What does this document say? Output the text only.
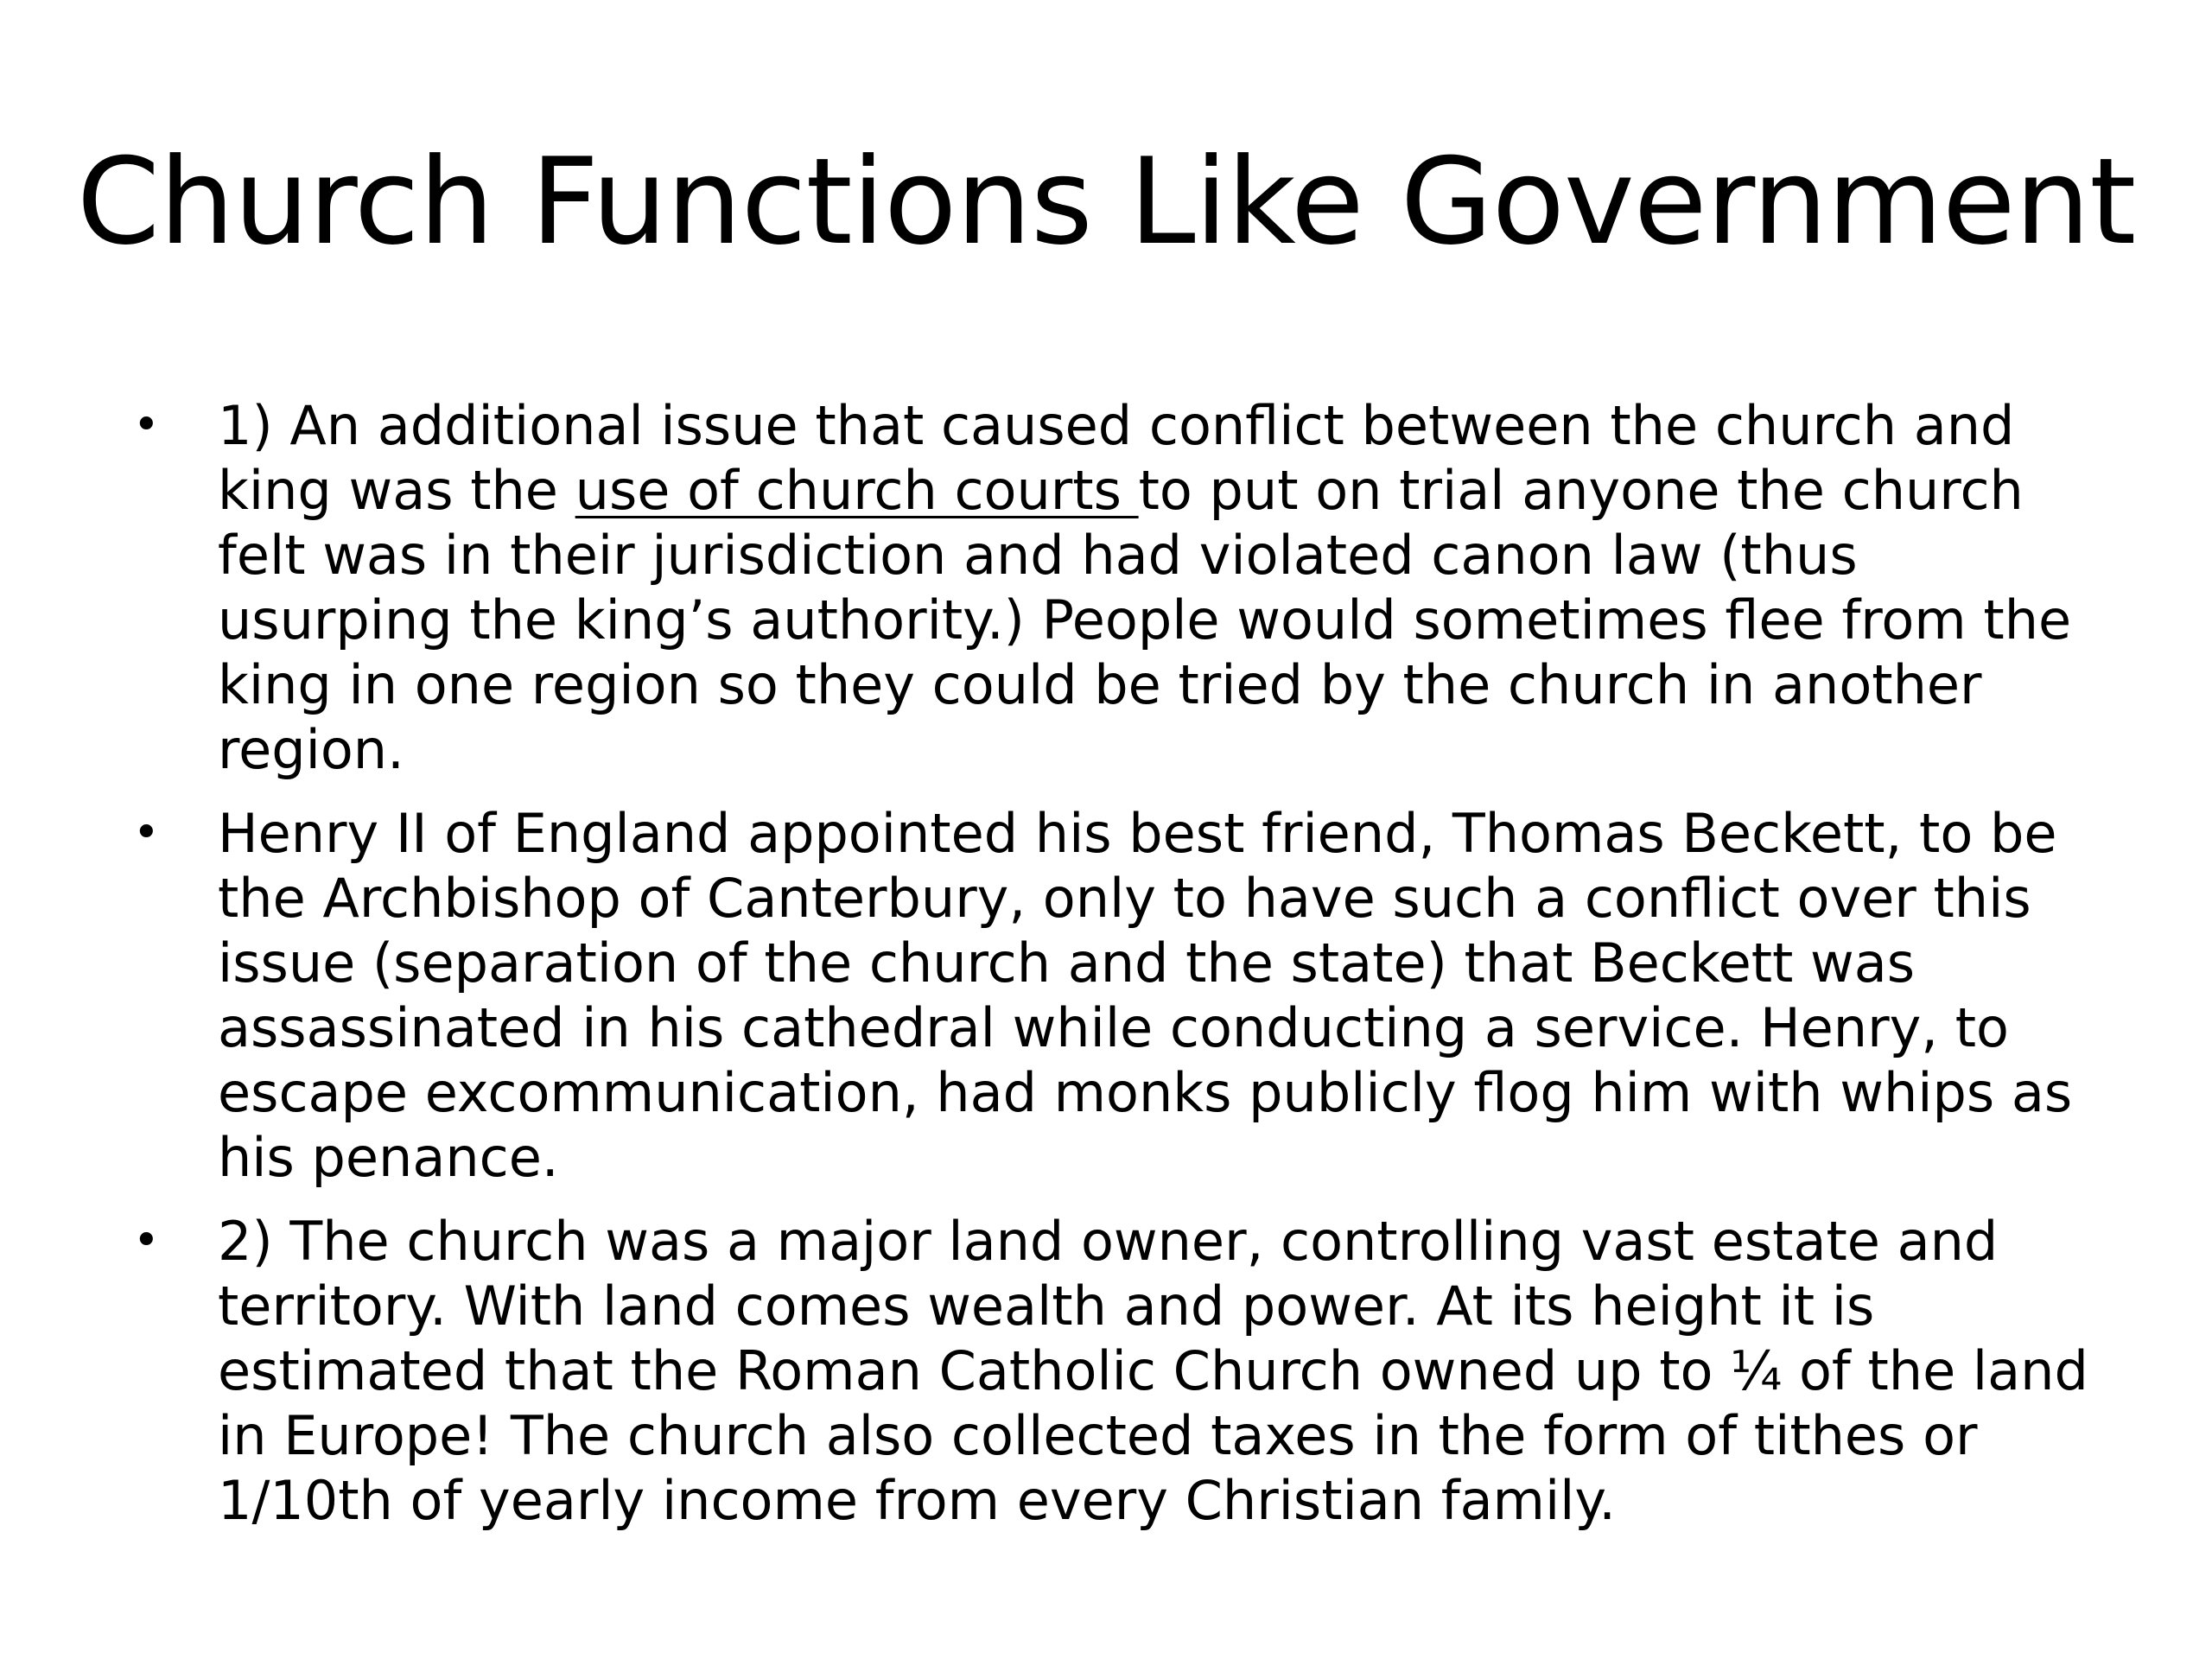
Church Functions Like Government
• 1) An additional issue that caused conflict between the church and king was the use of church courts to put on trial anyone the church felt was in their jurisdiction and had violated canon law (thus usurping the king’s authority.) People would sometimes flee from the king in one region so they could be tried by the church in another region.
• Henry II of England appointed his best friend, Thomas Beckett, to be the Archbishop of Canterbury, only to have such a conflict over this issue (separation of the church and the state) that Beckett was assassinated in his cathedral while conducting a service. Henry, to escape excommunication, had monks publicly flog him with whips as his penance.
• 2) The church was a major land owner, controlling vast estate and territory. With land comes wealth and power. At its height it is estimated that the Roman Catholic Church owned up to ¼ of the land in Europe! The church also collected taxes in the form of tithes or 1/10th of yearly income from every Christian family.
